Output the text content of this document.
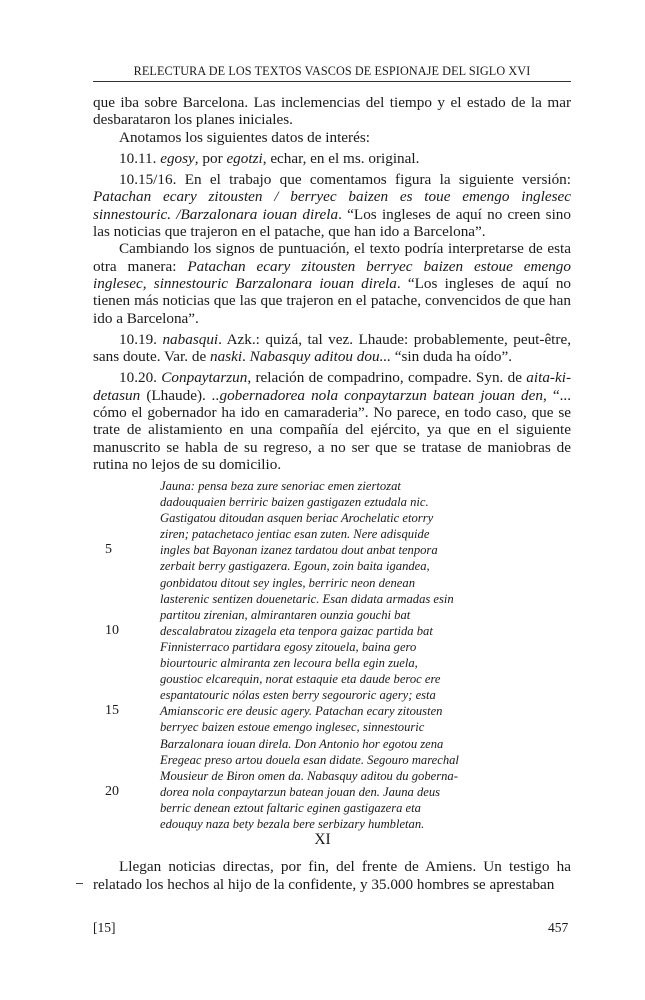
RELECTURA DE LOS TEXTOS VASCOS DE ESPIONAJE DEL SIGLO XVI

que iba sobre Barcelona. Las inclemencias del tiempo y el estado de la mar desbarataron los planes iniciales.

Anotamos los siguientes datos de interés:

10.11. egosy, por egotzi, echar, en el ms. original.

10.15/16. En el trabajo que comentamos figura la siguiente versión: Patachan ecary zitousten / berryec baizen es toue emengo inglesec sinnestouric. /Barzalonara iouan direla. “Los ingleses de aquí no creen sino las noticias que trajeron en el patache, que han ido a Barcelona”.

Cambiando los signos de puntuación, el texto podría interpretarse de esta otra manera: Patachan ecary zitousten berryec baizen estoue emengo inglesec, sinnestouric Barzalonara iouan direla. “Los ingleses de aquí no tienen más noticias que las que trajeron en el patache, convencidos de que han ido a Barcelona”.

10.19. nabasqui. Azk.: quizá, tal vez. Lhaude: probablemente, peut-être, sans doute. Var. de naski. Nabasquy aditou dou... “sin duda ha oído”.

10.20. Conpaytarzun, relación de compadrino, compadre. Syn. de aita-ki-detasun (Lhaude). ..gobernadorea nola conpaytarzun batean jouan den, “... cómo el gobernador ha ido en camaraderia”. No parece, en todo caso, que se trate de alistamiento en una compañía del ejército, ya que en el siguiente manuscrito se habla de su regreso, a no ser que se tratase de maniobras de rutina no lejos de su domicilio.

Jauna: pensa beza zure senoriac emen ziertozat
dadouquaien berriric baizen gastigazen eztudala nic.
Gastigatou ditoudan asquen beriac Arochelatic etorry
ziren; patachetaco jentiac esan zuten. Nere adisquide
5	ingles bat Bayonan izanez tardatou dout anbat tenpora
zerbait berry gastigazera. Egoun, zoin baita igandea,
gonbidatou ditout sey ingles, berriric neon denean
lasterenic sentizen douenetaric. Esan didata armadas esin
partitou zirenian, almirantaren ounzia gouchi bat
10	descalabratou zizagela eta tenpora gaizac partida bat
Finnisterraco partidara egosy zitouela, baina gero
biourtouric almiranta zen lecoura bella egin zuela,
goustioc elcarequin, norat estaquie eta daude beroc ere
espantatouric nólas esten berry segouroric agery; esta
15	Amianscoric ere deusic agery. Patachan ecary zitousten
berryec baizen estoue emengo inglesec, sinnestouric
Barzalonara iouan direla. Don Antonio hor egotou zena
Eregeac preso artou douela esan didate. Segouro marechal
Mousieur de Biron omen da. Nabasquy aditou du goberna-
20	dorea nola conpaytarzun batean jouan den. Jauna deus
berric denean eztout faltaric eginen gastigazera eta
edouquy naza bety bezala bere serbizary humbletan.
XI
Llegan noticias directas, por fin, del frente de Amiens. Un testigo ha relatado los hechos al hijo de la confidente, y 35.000 hombres se aprestaban
[15]	457
